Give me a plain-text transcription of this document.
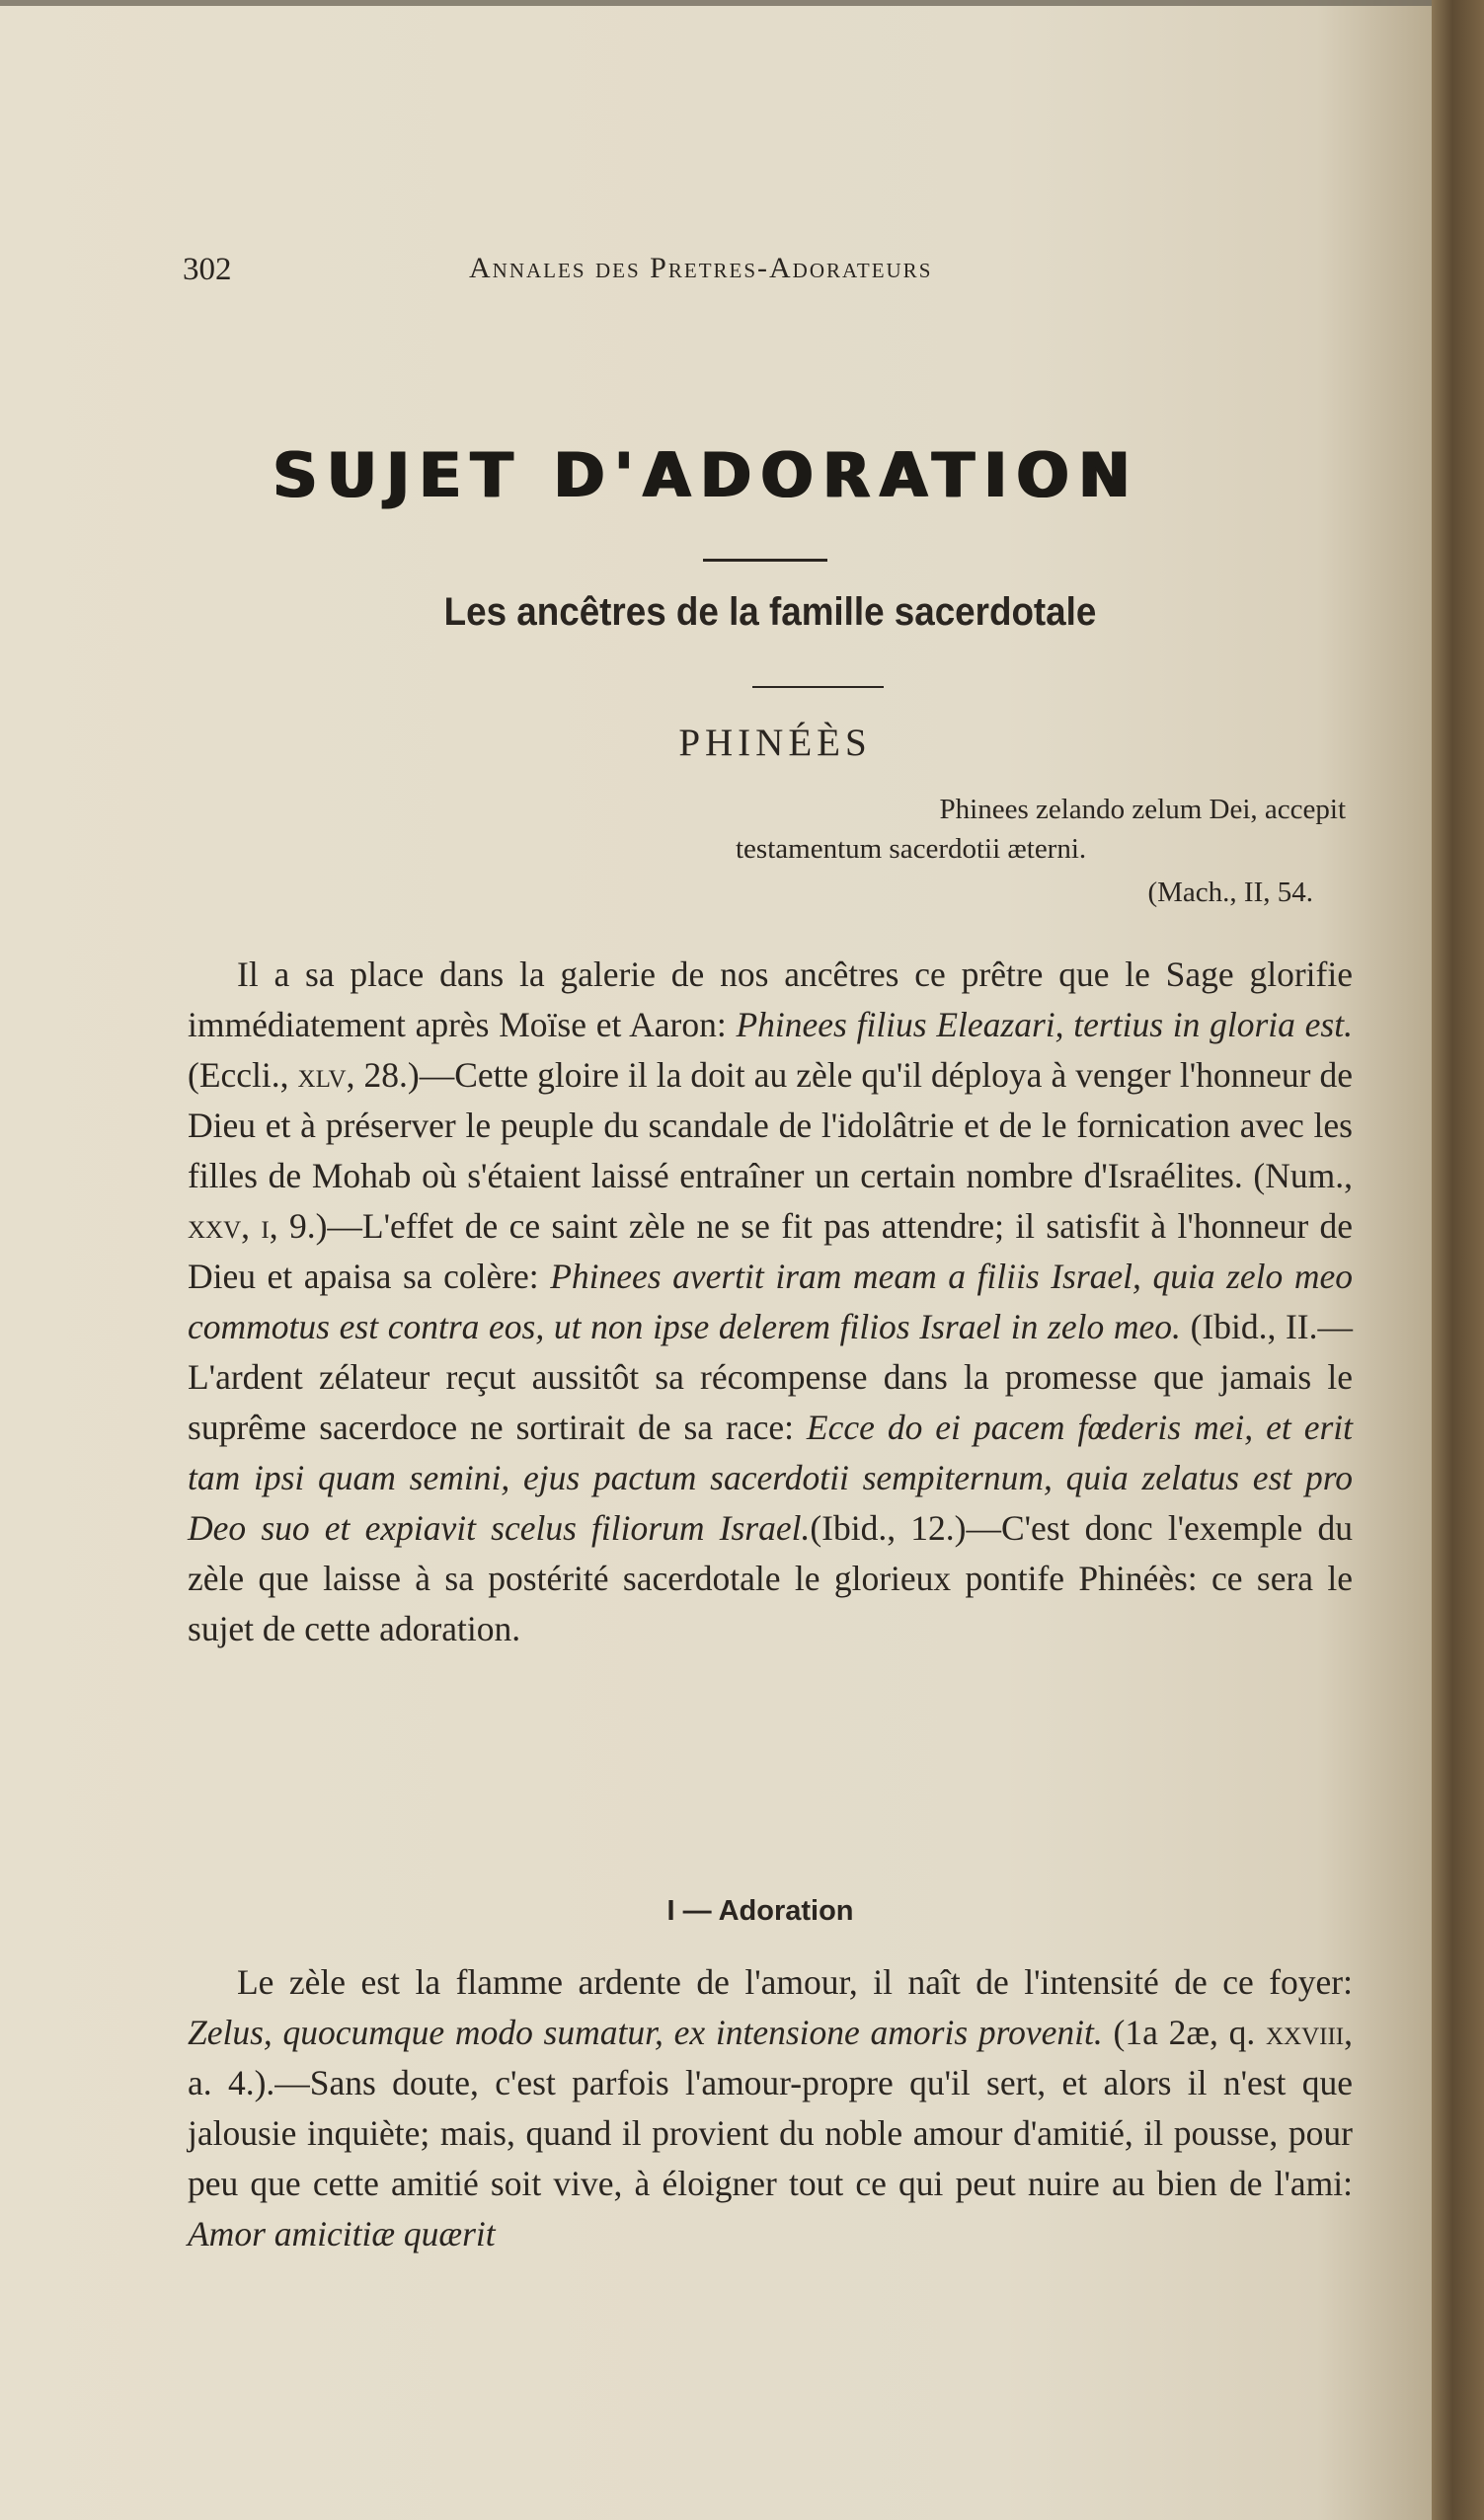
302	Annales des Pretres-Adorateurs
SUJET D'ADORATION
Les ancêtres de la famille sacerdotale
PHINÉÈS
Phinees zelando zelum Dei, accepit
testamentum sacerdotii æterni.
(Mach., II, 54.

Il a sa place dans la galerie de nos ancêtres ce prêtre que le Sage glorifie immédiatement après Moïse et Aaron: Phinees filius Eleazari, tertius in gloria est. (Eccli., xlv, 28.)—Cette gloire il la doit au zèle qu'il déploya à venger l'honneur de Dieu et à préserver le peuple du scandale de l'idolâtrie et de le fornication avec les filles de Mohab où s'étaient laissé entraîner un certain nombre d'Israélites. (Num., xxv, i, 9.)—L'effet de ce saint zèle ne se fit pas attendre; il satisfit à l'honneur de Dieu et apaisa sa colère: Phinees avertit iram meam a filiis Israel, quia zelo meo commotus est contra eos, ut non ipse delerem filios Israel in zelo meo. (Ibid., II.—L'ardent zélateur reçut aussitôt sa récompense dans la promesse que jamais le suprême sacerdoce ne sortirait de sa race: Ecce do ei pacem fœderis mei, et erit tam ipsi quam semini, ejus pactum sacerdotii sempiternum, quia zelatus est pro Deo suo et expiavit scelus filiorum Israel.(Ibid., 12.)—C'est donc l'exemple du zèle que laisse à sa postérité sacerdotale le glorieux pontife Phinéès: ce sera le sujet de cette adoration.

I — Adoration

Le zèle est la flamme ardente de l'amour, il naît de l'intensité de ce foyer: Zelus, quocumque modo sumatur, ex intensione amoris provenit. (1a 2æ, q. xxviii, a. 4.).—Sans doute, c'est parfois l'amour-propre qu'il sert, et alors il n'est que jalousie inquiète; mais, quand il provient du noble amour d'amitié, il pousse, pour peu que cette amitié soit vive, à éloigner tout ce qui peut nuire au bien de l'ami: Amor amicitiæ quærit
